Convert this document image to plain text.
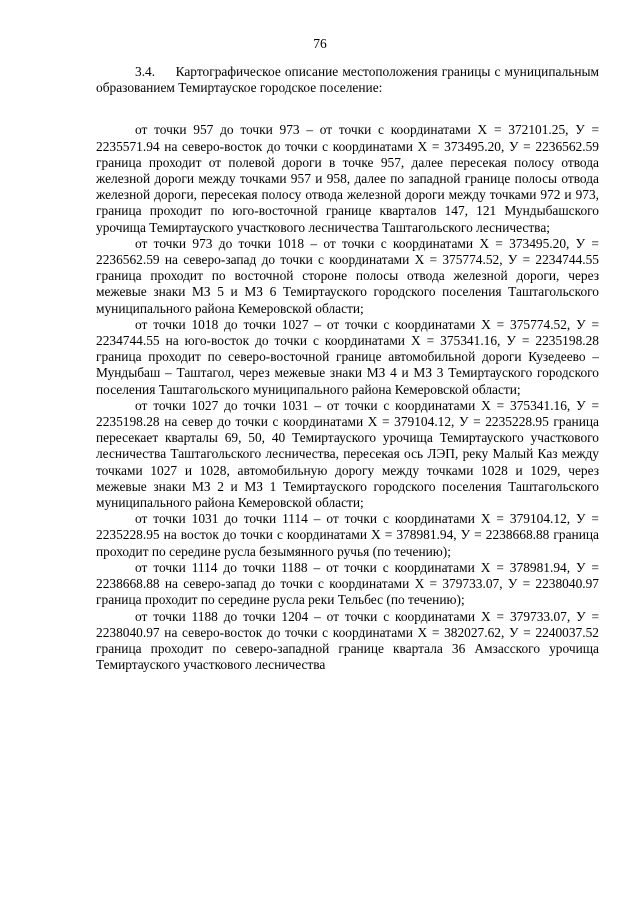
76

3.4.     Картографическое описание местоположения границы с муниципальным образованием Темиртауское городское поселение:

от точки 957 до точки 973 – от точки с координатами Х = 372101.25, У = 2235571.94 на северо-восток до точки с координатами Х = 373495.20, У = 2236562.59 граница проходит от полевой дороги в точке 957, далее пересекая полосу отвода железной дороги между точками 957 и 958, далее по западной границе полосы отвода железной дороги, пересекая полосу отвода железной дороги между точками 972 и 973, граница проходит по юго-восточной границе кварталов 147, 121 Мундыбашского урочища Темиртауского участкового лесничества Таштагольского лесничества;

от точки 973 до точки 1018 – от точки с координатами Х = 373495.20, У = 2236562.59 на северо-запад до точки с координатами Х = 375774.52, У = 2234744.55 граница проходит по восточной стороне полосы отвода железной дороги, через межевые знаки МЗ 5 и МЗ 6 Темиртауского городского поселения Таштагольского муниципального района Кемеровской области;

от точки 1018 до точки 1027 – от точки с координатами Х = 375774.52, У = 2234744.55 на юго-восток до точки с координатами Х = 375341.16, У = 2235198.28 граница проходит по северо-восточной границе автомобильной дороги Кузедеево – Мундыбаш – Таштагол, через межевые знаки МЗ 4 и МЗ 3 Темиртауского городского поселения Таштагольского муниципального района Кемеровской области;

от точки 1027 до точки 1031 – от точки с координатами Х = 375341.16, У = 2235198.28 на север до точки с координатами Х = 379104.12, У = 2235228.95 граница пересекает кварталы 69, 50, 40 Темиртауского урочища Темиртауского участкового лесничества Таштагольского лесничества, пересекая ось ЛЭП, реку Малый Каз между точками 1027 и 1028, автомобильную дорогу между точками 1028 и 1029, через межевые знаки МЗ 2 и МЗ 1 Темиртауского городского поселения Таштагольского муниципального района Кемеровской области;

от точки 1031 до точки 1114 – от точки с координатами Х = 379104.12, У = 2235228.95 на восток до точки с координатами Х = 378981.94, У = 2238668.88 граница проходит по середине русла безымянного ручья (по течению);

от точки 1114 до точки 1188 – от точки с координатами Х = 378981.94, У = 2238668.88 на северо-запад до точки с координатами Х = 379733.07, У = 2238040.97 граница проходит по середине русла реки Тельбес (по течению);

от точки 1188 до точки 1204 – от точки с координатами Х = 379733.07, У = 2238040.97 на северо-восток до точки с координатами Х = 382027.62, У = 2240037.52 граница проходит по северо-западной границе квартала 36 Амзасского урочища Темиртауского участкового лесничества
